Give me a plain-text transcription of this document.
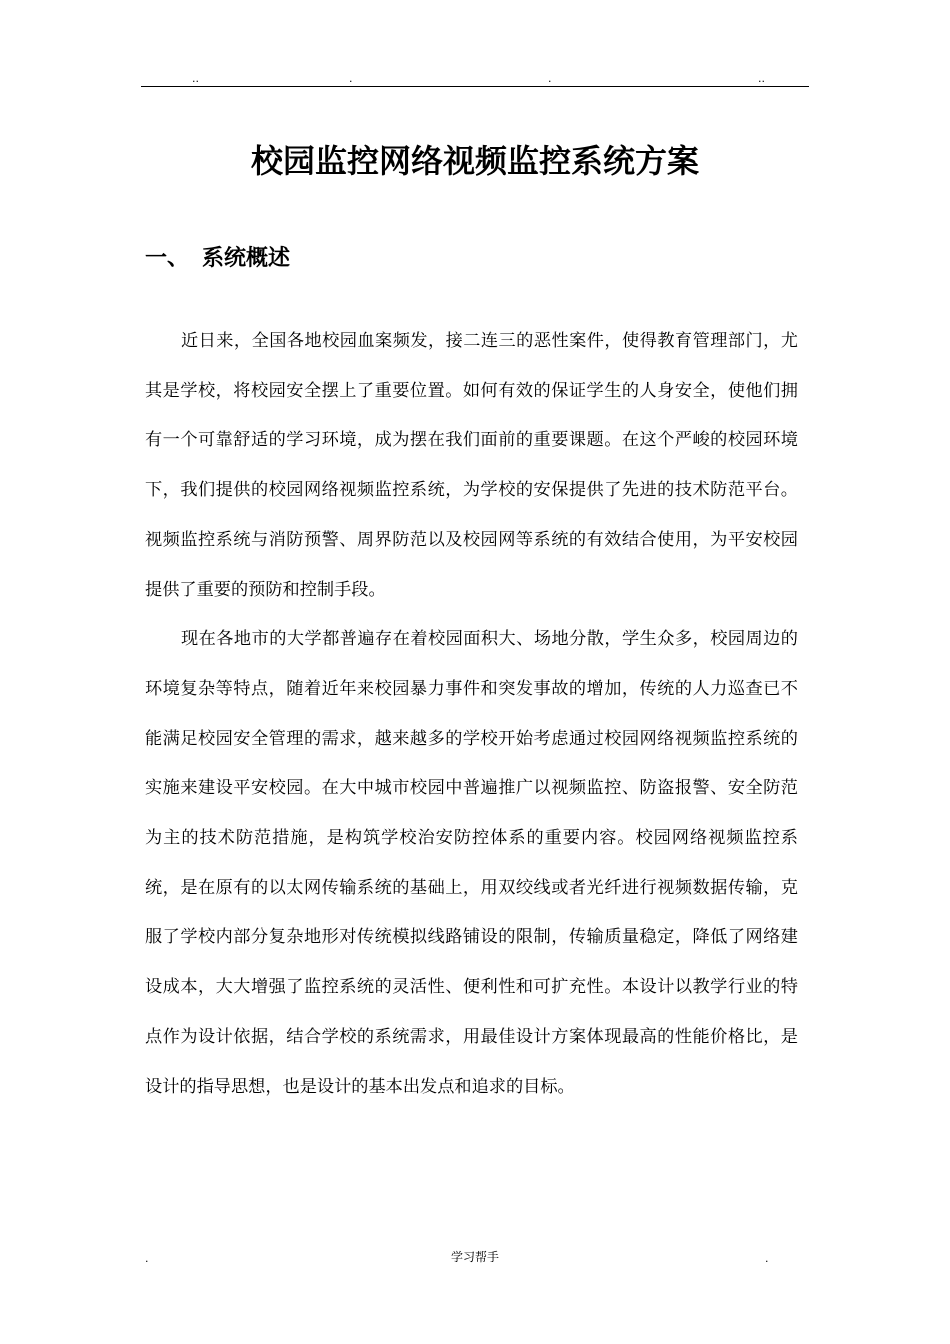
..	.	.	..
校园监控网络视频监控系统方案
一、 系统概述

近日来，全国各地校园血案频发，接二连三的恶性案件，使得教育管理部门，尤其是学校，将校园安全摆上了重要位置。如何有效的保证学生的人身安全，使他们拥有一个可靠舒适的学习环境，成为摆在我们面前的重要课题。在这个严峻的校园环境下，我们提供的校园网络视频监控系统，为学校的安保提供了先进的技术防范平台。视频监控系统与消防预警、周界防范以及校园网等系统的有效结合使用，为平安校园提供了重要的预防和控制手段。

现在各地市的大学都普遍存在着校园面积大、场地分散，学生众多，校园周边的环境复杂等特点，随着近年来校园暴力事件和突发事故的增加，传统的人力巡查已不能满足校园安全管理的需求，越来越多的学校开始考虑通过校园网络视频监控系统的实施来建设平安校园。在大中城市校园中普遍推广以视频监控、防盗报警、安全防范为主的技术防范措施，是构筑学校治安防控体系的重要内容。校园网络视频监控系统，是在原有的以太网传输系统的基础上，用双绞线或者光纤进行视频数据传输，克服了学校内部分复杂地形对传统模拟线路铺设的限制，传输质量稳定，降低了网络建设成本，大大增强了监控系统的灵活性、便利性和可扩充性。本设计以教学行业的特点作为设计依据，结合学校的系统需求，用最佳设计方案体现最高的性能价格比，是设计的指导思想，也是设计的基本出发点和追求的目标。

.	学习帮手	.
